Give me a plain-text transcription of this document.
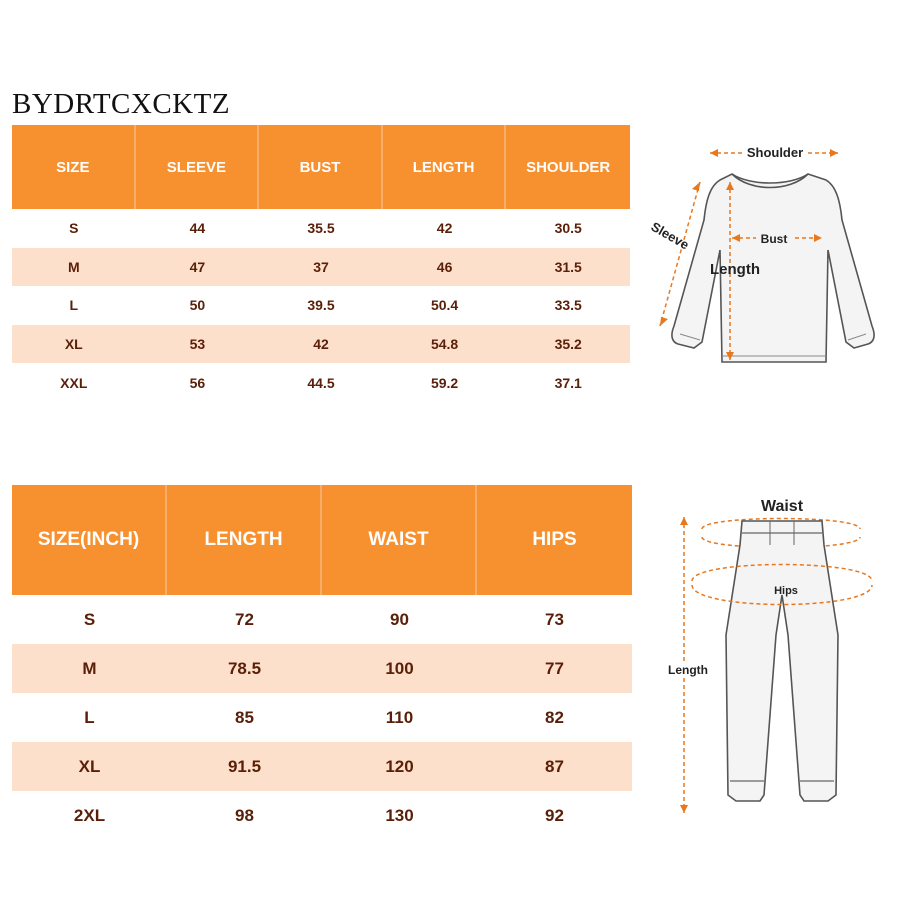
BYDRTCXCKTZ
SIZE	SLEEVE	BUST	LENGTH	SHOULDER
S	44	35.5	42	30.5
M	47	37	46	31.5
L	50	39.5	50.4	33.5
XL	53	42	54.8	35.2
XXL	56	44.5	59.2	37.1
Shoulder
Sleeve
Length
Bust
SIZE(INCH)	LENGTH	WAIST	HIPS
S	72	90	73
M	78.5	100	77
L	85	110	82
XL	91.5	120	87
2XL	98	130	92
Waist
Hips
Length
